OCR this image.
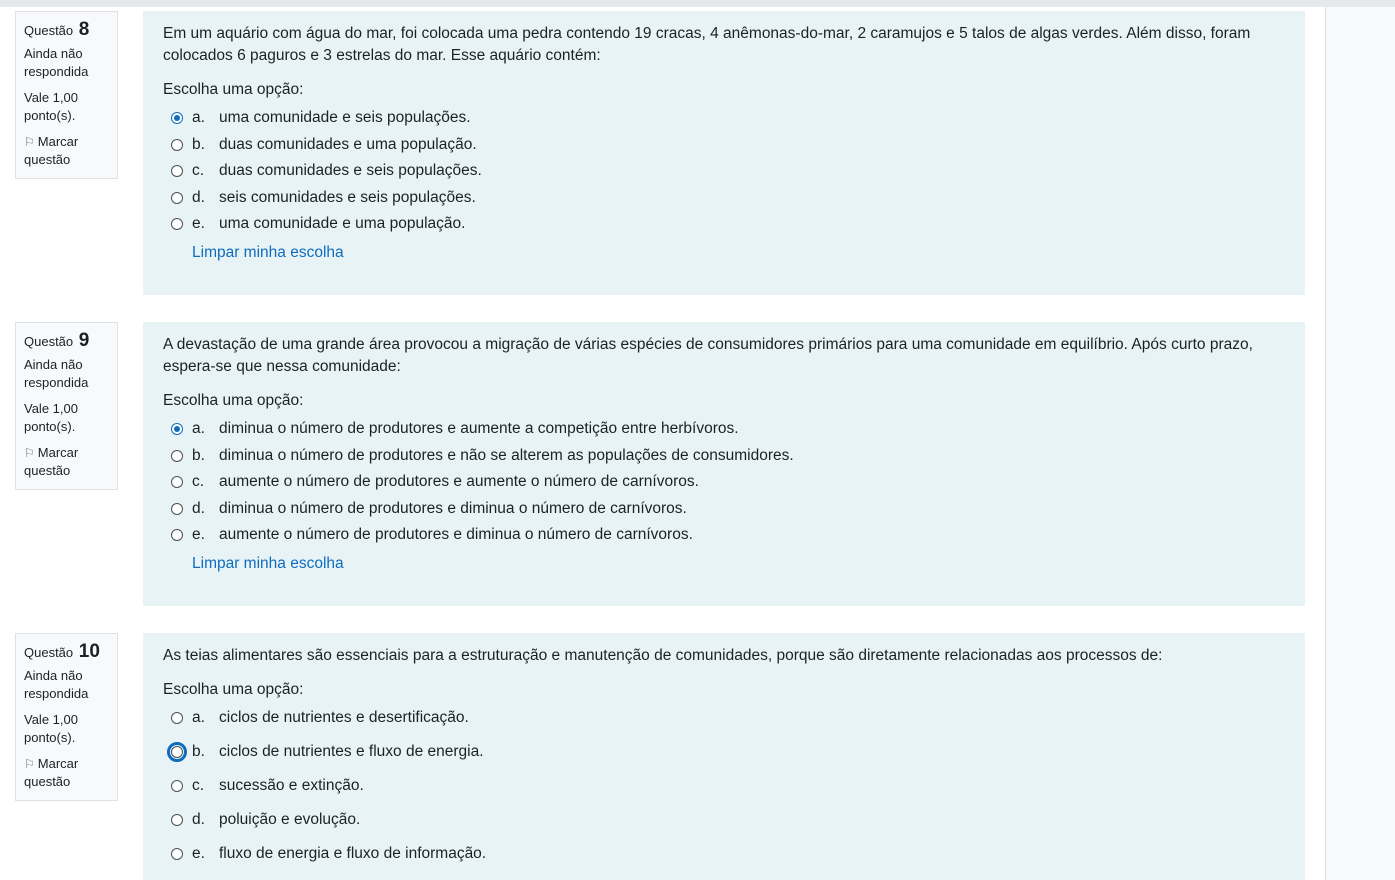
Questão 8
Ainda não respondida
Vale 1,00 ponto(s).
⚐ Marcar questão
Em um aquário com água do mar, foi colocada uma pedra contendo 19 cracas, 4 anêmonas-do-mar, 2 caramujos e 5 talos de algas verdes. Além disso, foram colocados 6 paguros e 3 estrelas do mar. Esse aquário contém:
Escolha uma opção:
a. uma comunidade e seis populações.
b. duas comunidades e uma população.
c. duas comunidades e seis populações.
d. seis comunidades e seis populações.
e. uma comunidade e uma população.
Limpar minha escolha
Questão 9
Ainda não respondida
Vale 1,00 ponto(s).
⚐ Marcar questão
A devastação de uma grande área provocou a migração de várias espécies de consumidores primários para uma comunidade em equilíbrio. Após curto prazo, espera-se que nessa comunidade:
Escolha uma opção:
a. diminua o número de produtores e aumente a competição entre herbívoros.
b. diminua o número de produtores e não se alterem as populações de consumidores.
c. aumente o número de produtores e aumente o número de carnívoros.
d. diminua o número de produtores e diminua o número de carnívoros.
e. aumente o número de produtores e diminua o número de carnívoros.
Limpar minha escolha
Questão 10
Ainda não respondida
Vale 1,00 ponto(s).
⚐ Marcar questão
As teias alimentares são essenciais para a estruturação e manutenção de comunidades, porque são diretamente relacionadas aos processos de:
Escolha uma opção:
a. ciclos de nutrientes e desertificação.
b. ciclos de nutrientes e fluxo de energia.
c. sucessão e extinção.
d. poluição e evolução.
e. fluxo de energia e fluxo de informação.
